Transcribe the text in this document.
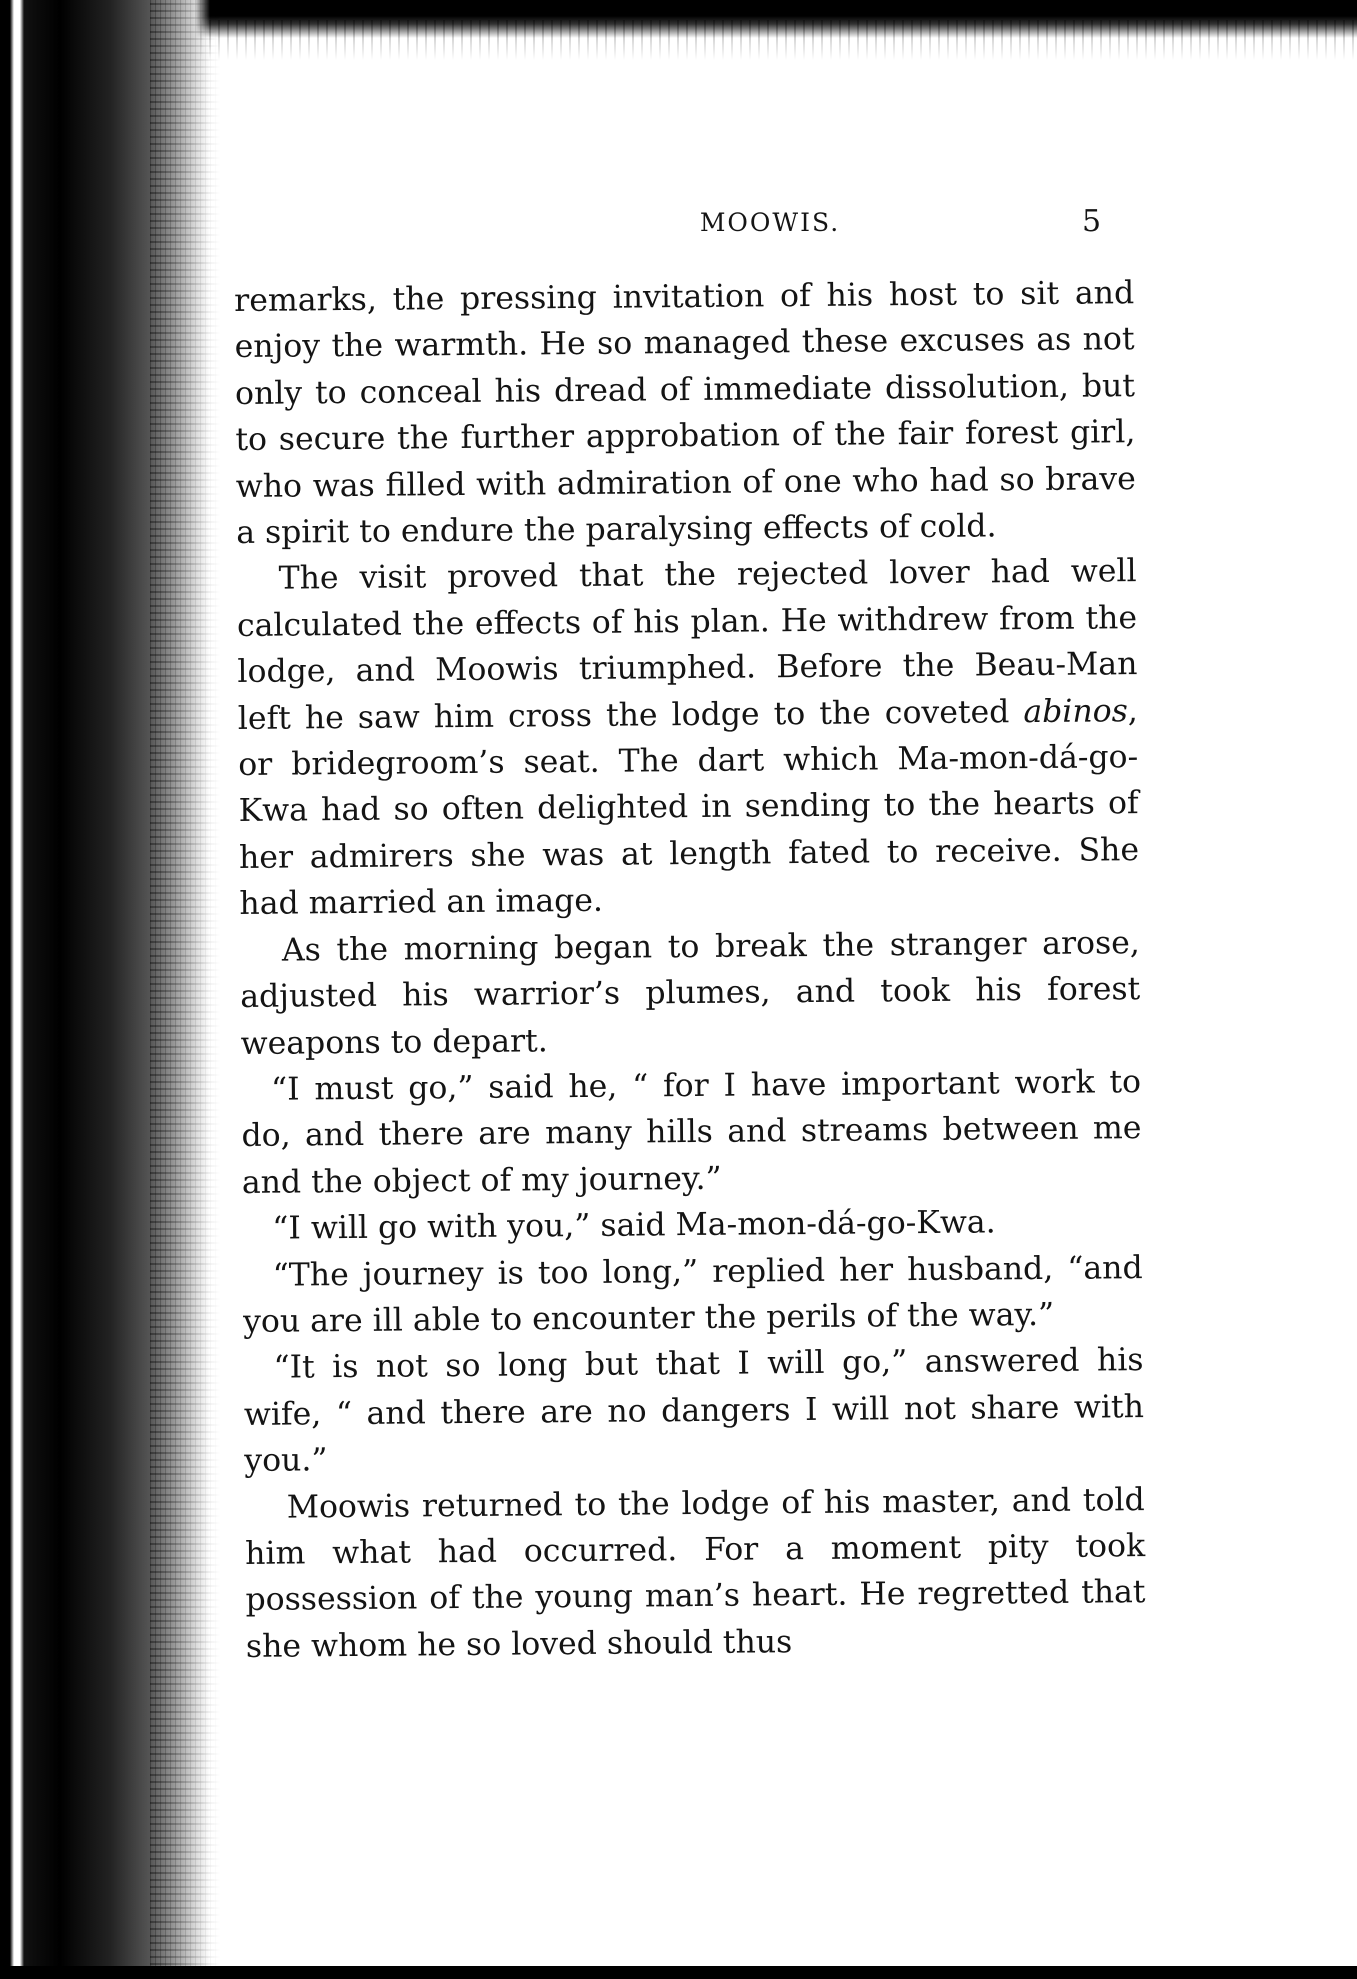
MOOWIS.	5

remarks, the pressing invitation of his host to sit and enjoy the warmth. He so managed these excuses as not only to conceal his dread of immediate dissolution, but to secure the further approbation of the fair forest girl, who was filled with admiration of one who had so brave a spirit to endure the paralysing effects of cold.

The visit proved that the rejected lover had well calculated the effects of his plan. He withdrew from the lodge, and Moowis triumphed. Before the Beau-Man left he saw him cross the lodge to the coveted abinos, or bridegroom’s seat. The dart which Ma-mon-dá-go-Kwa had so often delighted in sending to the hearts of her admirers she was at length fated to receive. She had married an image.

As the morning began to break the stranger arose, adjusted his warrior’s plumes, and took his forest weapons to depart.

“I must go,” said he, “ for I have important work to do, and there are many hills and streams between me and the object of my journey.”

“I will go with you,” said Ma-mon-dá-go-Kwa.

“The journey is too long,” replied her husband, “and you are ill able to encounter the perils of the way.”

“It is not so long but that I will go,” answered his wife, “ and there are no dangers I will not share with you.”

Moowis returned to the lodge of his master, and told him what had occurred. For a moment pity took possession of the young man’s heart. He regretted that she whom he so loved should thus
